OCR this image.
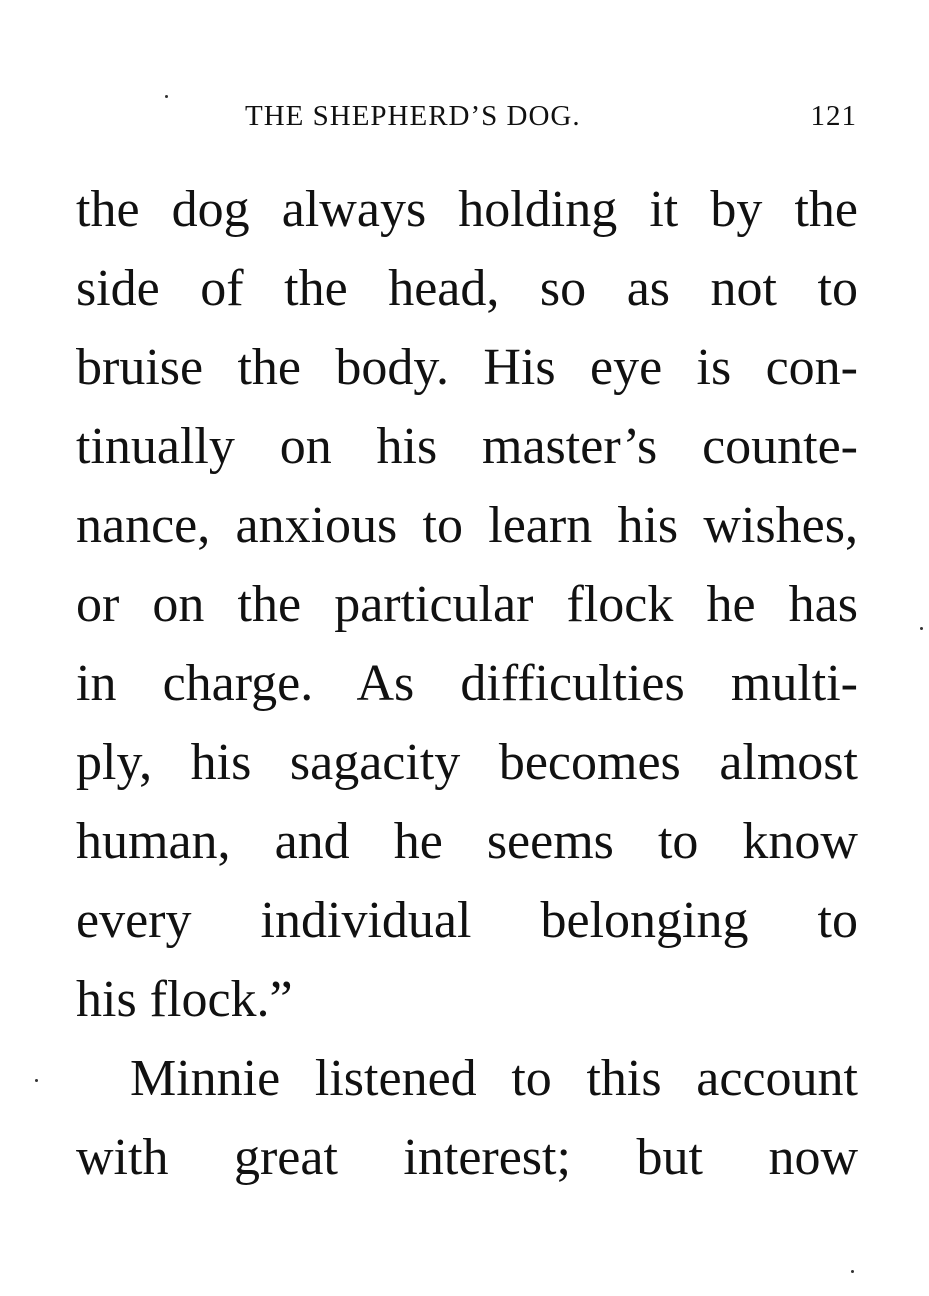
THE SHEPHERD’S DOG.	121
the dog always holding it by the
side of the head, so as not to
bruise the body. His eye is con-
tinually on his master’s counte-
nance, anxious to learn his wishes,
or on the particular flock he has
in charge. As difficulties multi-
ply, his sagacity becomes almost
human, and he seems to know
every individual belonging to
his flock.”
Minnie listened to this account
with great interest; but now
